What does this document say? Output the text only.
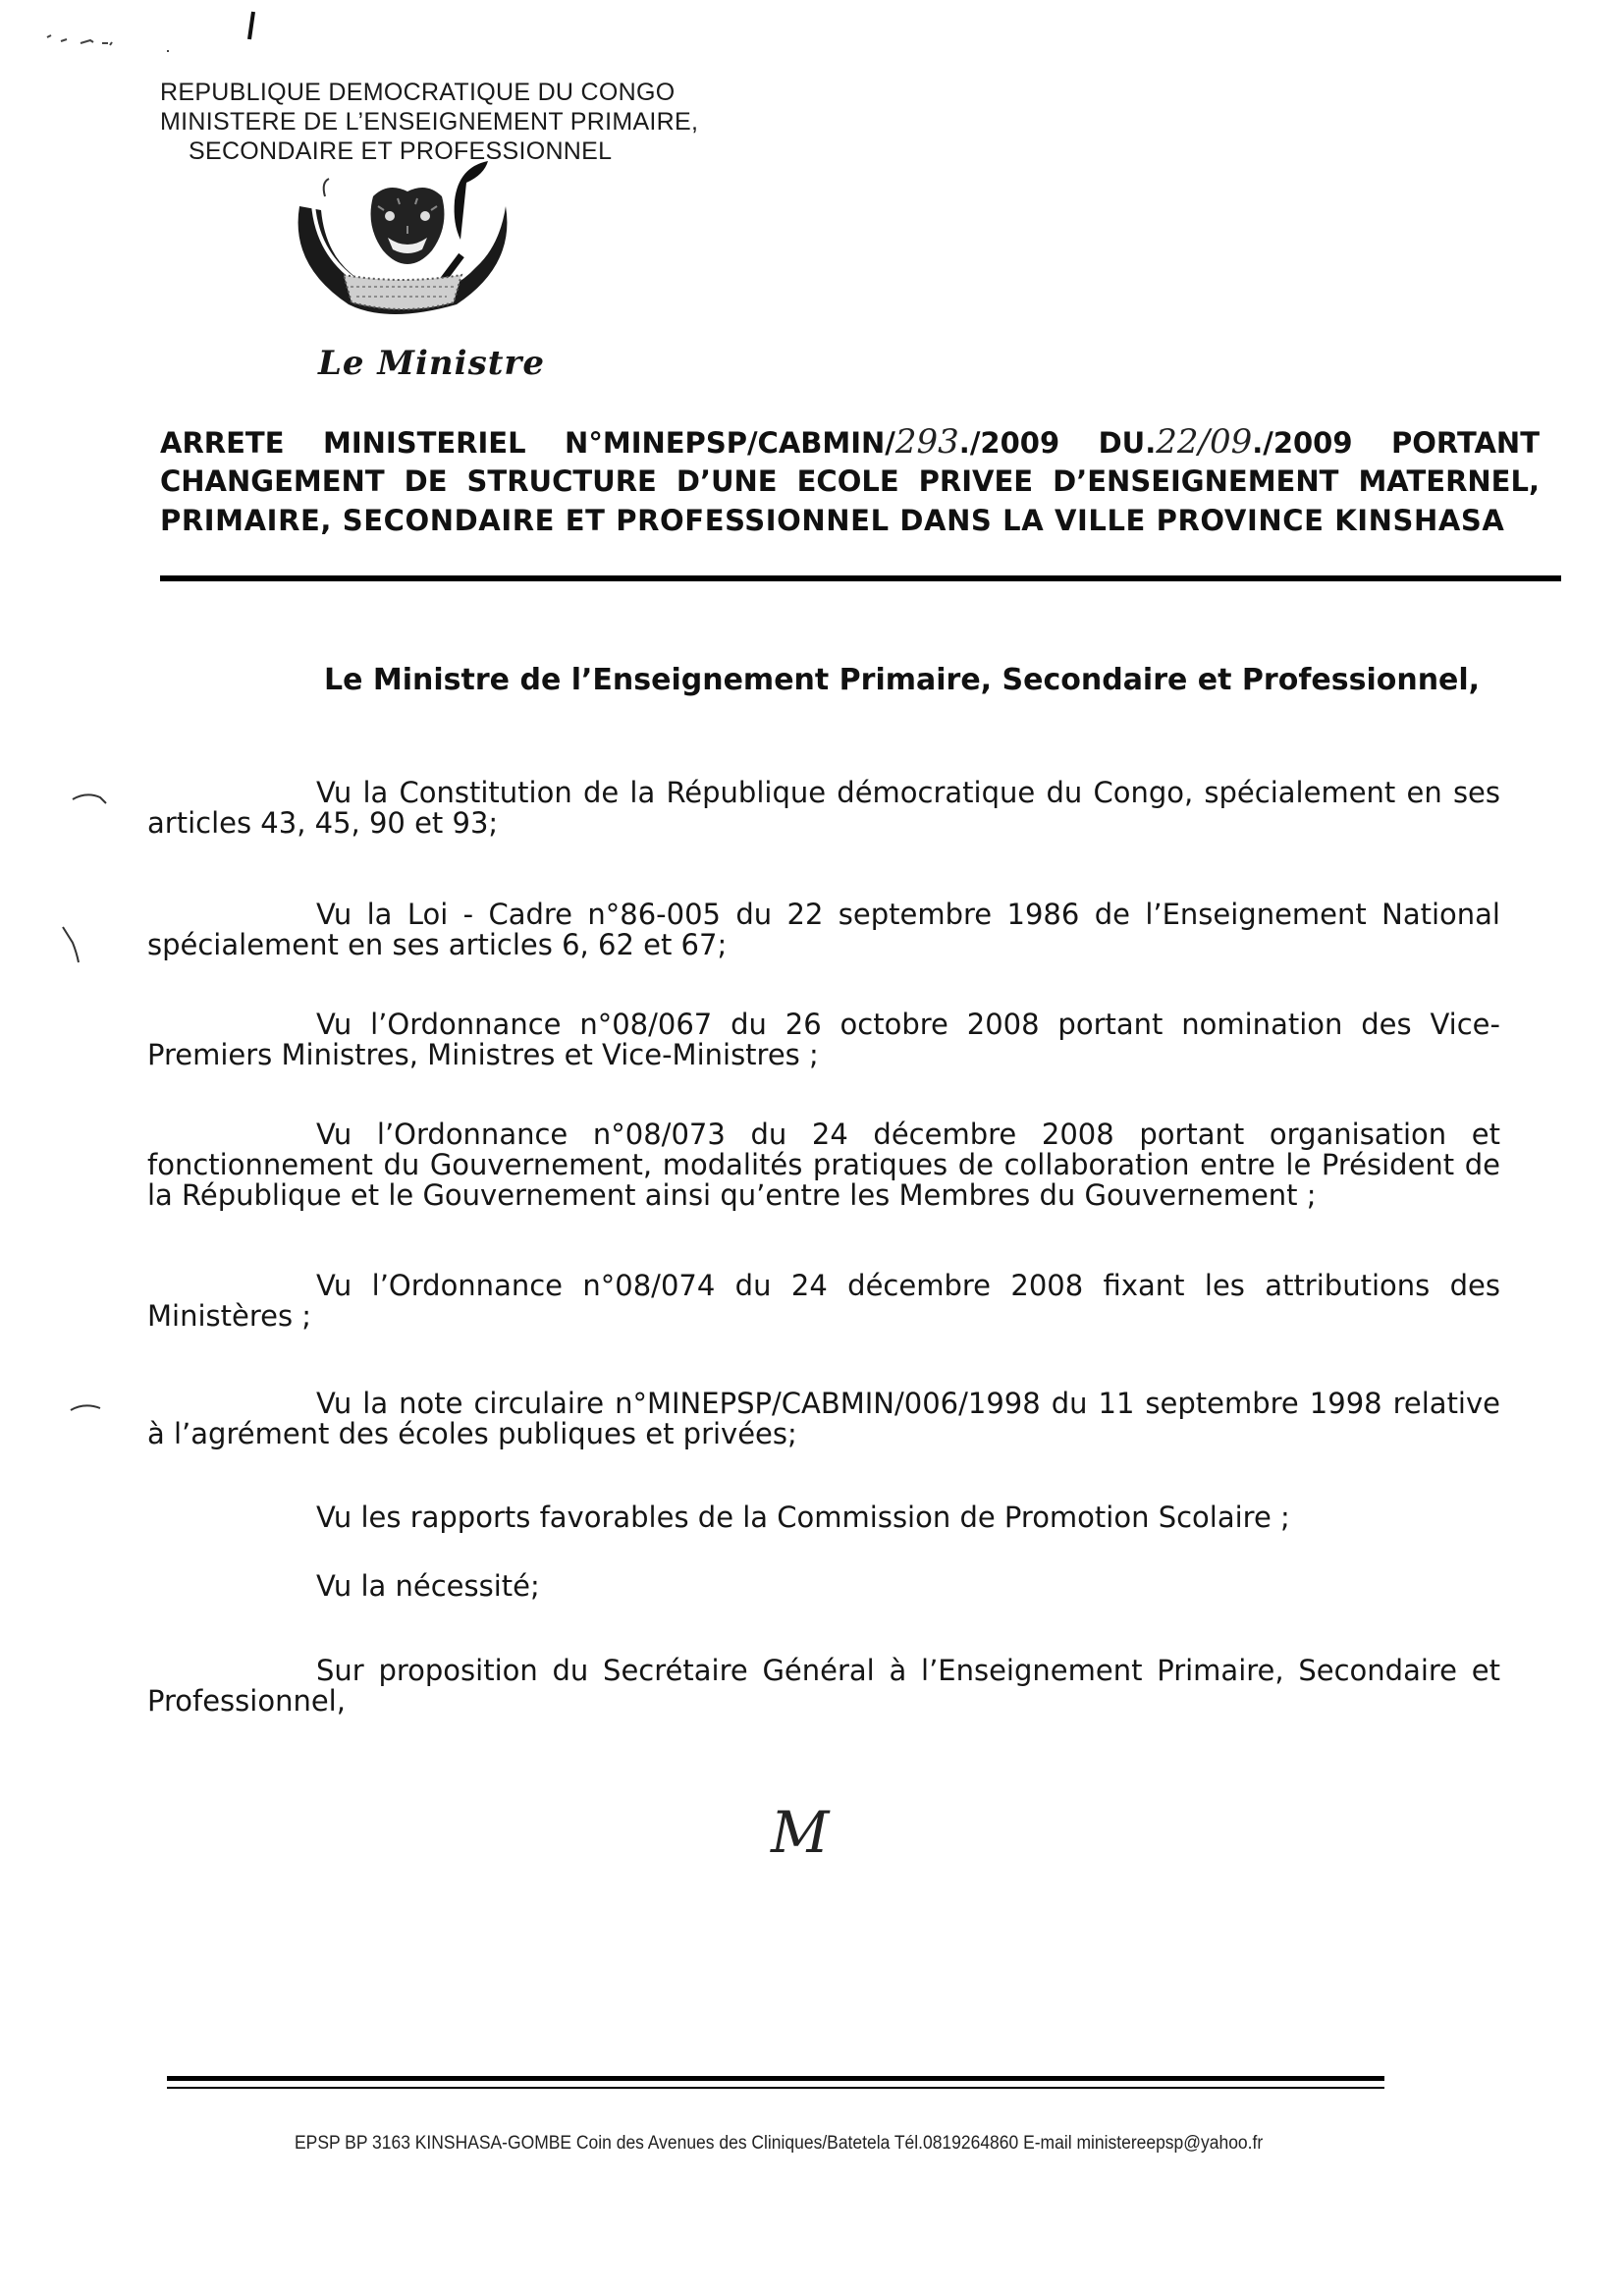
REPUBLIQUE DEMOCRATIQUE DU CONGO
MINISTERE DE L’ENSEIGNEMENT PRIMAIRE,
SECONDAIRE ET PROFESSIONNEL
Le Ministre
ARRETE MINISTERIEL N°MINEPSP/CABMIN/293./2009 DU.22/09./2009 PORTANT
CHANGEMENT DE STRUCTURE D’UNE ECOLE PRIVEE D’ENSEIGNEMENT MATERNEL,
PRIMAIRE, SECONDAIRE ET PROFESSIONNEL DANS LA VILLE PROVINCE KINSHASA
Le Ministre de l’Enseignement Primaire, Secondaire et Professionnel,
Vu la Constitution de la République démocratique du Congo, spécialement en ses articles 43, 45, 90 et 93;
Vu la Loi - Cadre n°86-005 du 22 septembre 1986 de l’Enseignement National spécialement en ses articles 6, 62 et 67;
Vu l’Ordonnance n°08/067 du 26 octobre 2008 portant nomination des Vice-Premiers Ministres, Ministres et Vice-Ministres ;
Vu l’Ordonnance n°08/073 du 24 décembre 2008 portant organisation et fonctionnement du Gouvernement, modalités pratiques de collaboration entre le Président de la République et le Gouvernement ainsi qu’entre les Membres du Gouvernement ;
Vu l’Ordonnance n°08/074 du 24 décembre 2008 fixant les attributions des Ministères ;
Vu la note circulaire n°MINEPSP/CABMIN/006/1998 du 11 septembre 1998 relative à l’agrément des écoles publiques et privées;
Vu les rapports favorables de la Commission de Promotion Scolaire ;
Vu la nécessité;
Sur proposition du Secrétaire Général à l’Enseignement Primaire, Secondaire et Professionnel,
M
EPSP BP 3163 KINSHASA-GOMBE Coin des Avenues des Cliniques/Batetela Tél.0819264860 E-mail ministereepsp@yahoo.fr
